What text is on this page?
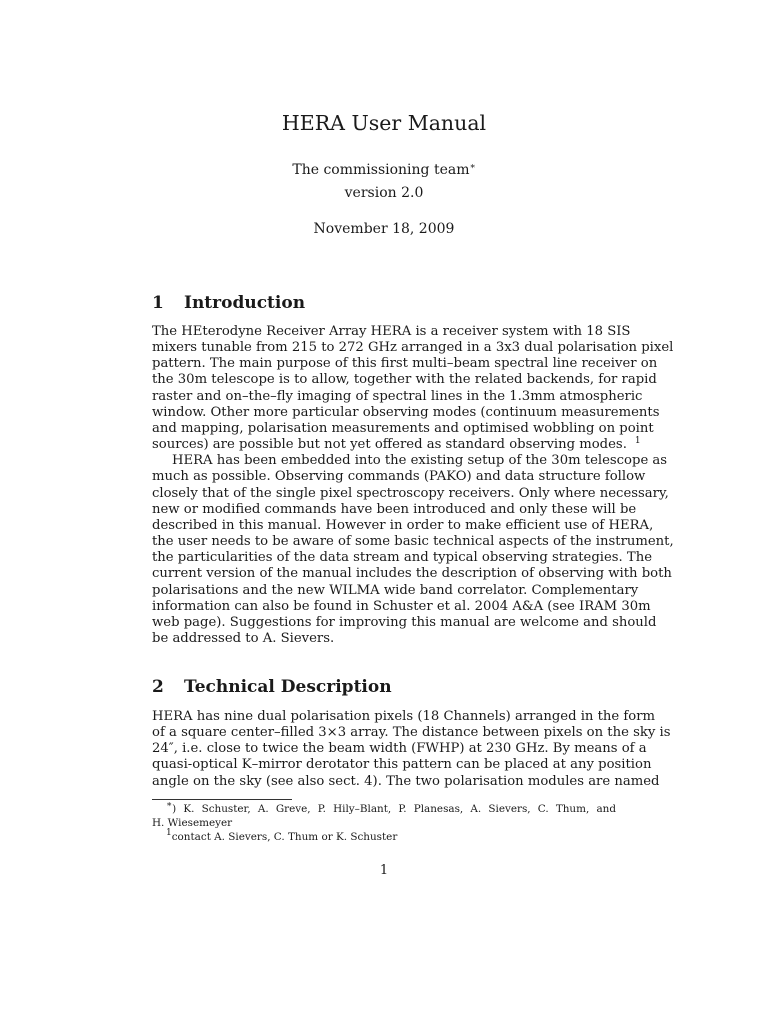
HERA User Manual
The commissioning team∗
version 2.0
November 18, 2009
1 Introduction
The HEterodyne Receiver Array HERA is a receiver system with 18 SIS
mixers tunable from 215 to 272 GHz arranged in a 3x3 dual polarisation pixel
pattern. The main purpose of this first multi–beam spectral line receiver on
the 30m telescope is to allow, together with the related backends, for rapid
raster and on–the–fly imaging of spectral lines in the 1.3mm atmospheric
window. Other more particular observing modes (continuum measurements
and mapping, polarisation measurements and optimised wobbling on point
sources) are possible but not yet offered as standard observing modes. $^1$
HERA has been embedded into the existing setup of the 30m telescope as
much as possible. Observing commands (PAKO) and data structure follow
closely that of the single pixel spectroscopy receivers. Only where necessary,
new or modified commands have been introduced and only these will be
described in this manual. However in order to make efficient use of HERA,
the user needs to be aware of some basic technical aspects of the instrument,
the particularities of the data stream and typical observing strategies. The
current version of the manual includes the description of observing with both
polarisations and the new WILMA wide band correlator. Complementary
information can also be found in Schuster et al. 2004 A&A (see IRAM 30m
web page). Suggestions for improving this manual are welcome and should
be addressed to A. Sievers.
2 Technical Description
HERA has nine dual polarisation pixels (18 Channels) arranged in the form
of a square center–filled 3×3 array. The distance between pixels on the sky is
24″, i.e. close to twice the beam width (FWHP) at 230 GHz. By means of a
quasi-optical K–mirror derotator this pattern can be placed at any position
angle on the sky (see also sect. 4). The two polarisation modules are named
∗) K. Schuster, A. Greve, P. Hily–Blant, P. Planesas, A. Sievers, C. Thum, and
H. Wiesemeyer
$^1$contact A. Sievers, C. Thum or K. Schuster
1
